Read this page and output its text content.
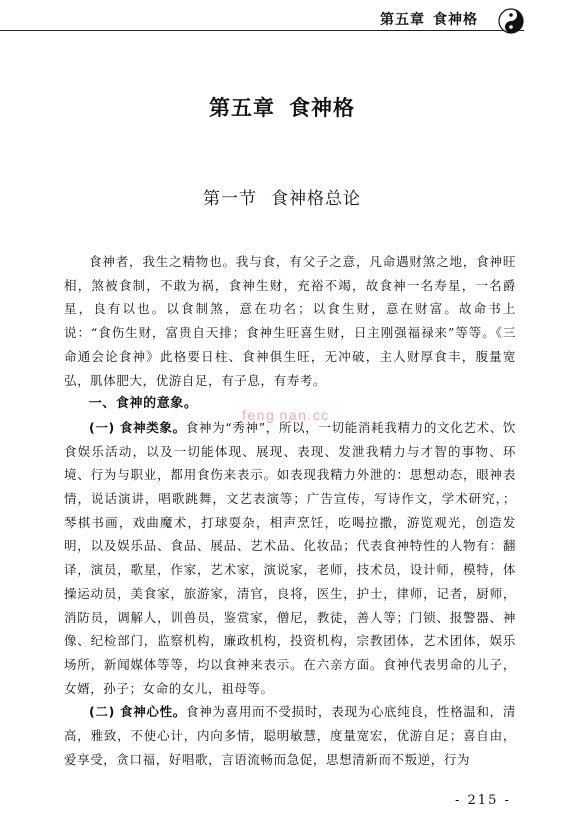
第五章 食神格
第五章 食神格
第一节 食神格总论

食神者，我生之精物也。我与食，有父子之意，凡命遇财煞之地，食神旺相，煞被食制，不敢为祸，食神生财，充裕不竭，故食神一名寿星，一名爵星，良有以也。以食制煞，意在功名；以食生财，意在财富。故命书上说：“食伤生财，富贵自天排；食神生旺喜生财，日主刚强福禄来”等等。《三命通会论食神》此格要日柱、食神俱生旺，无冲破，主人财厚食丰，腹量宽弘，肌体肥大，优游自足，有子息，有寿考。

一、食神的意象。

(一) 食神类象。食神为“秀神”，所以，一切能消耗我精力的文化艺术、饮食娱乐活动，以及一切能体现、展现、表现、发泄我精力与才智的事物、环境、行为与职业，都用食伤来表示。如表现我精力外泄的：思想动态，眼神表情，说话演讲，唱歌跳舞，文艺表演等；广告宣传，写诗作文，学术研究，；琴棋书画，戏曲魔术，打球耍杂，相声烹饪，吃喝拉撒，游览观光，创造发明，以及娱乐品、食品、展品、艺术品、化妆品；代表食神特性的人物有：翻译，演员，歌星，作家，艺术家，演说家，老师，技术员，设计师，模特，体操运动员，美食家，旅游家，清官，良将，医生，护士，律师，记者，厨师，消防员，调解人，训兽员，鉴赏家，僧尼，教徒，善人等；门锁、报警器、神像、纪检部门，监察机构，廉政机构，投资机构，宗教团体，艺术团体，娱乐场所，新闻媒体等等，均以食神来表示。在六亲方面。食神代表男命的儿子，女婿，孙子；女命的女儿，祖母等。

(二) 食神心性。食神为喜用而不受损时，表现为心底纯良，性格温和，清高，雅致，不使心计，内向多情，聪明敏慧，度量宽宏，优游自足；喜自由，爱享受，贪口福，好唱歌，言语流畅而急促，思想清新而不叛逆，行为

feng nan.cc
- 215 -
